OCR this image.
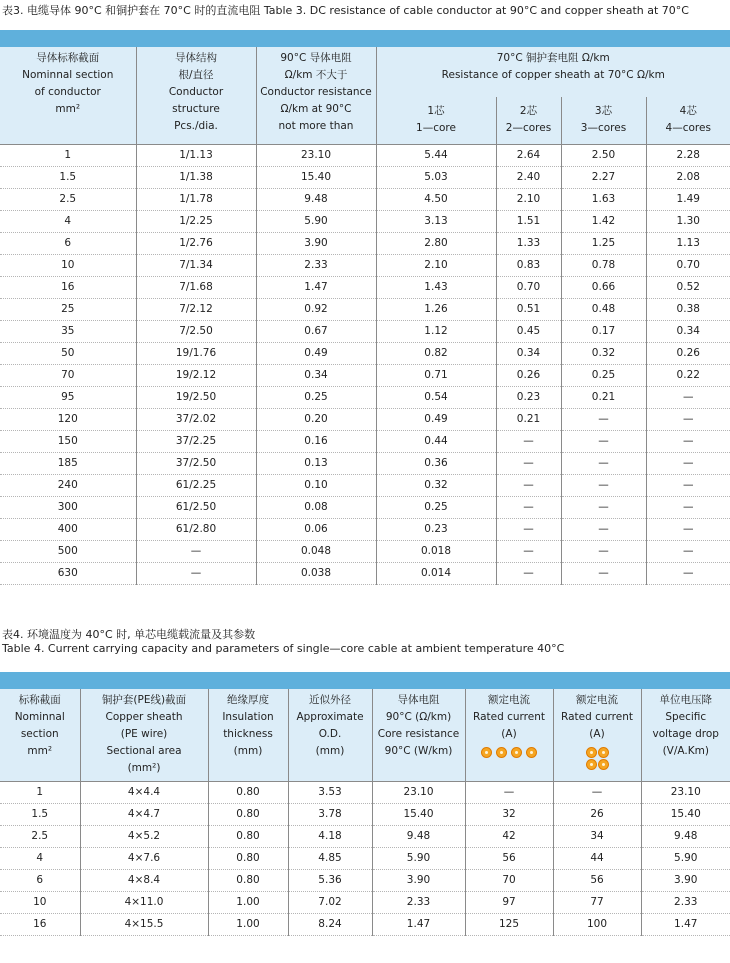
表3. 电缆导体 90°C 和铜护套在 70°C 时的直流电阻 Table 3. DC resistance of cable conductor at 90°C and copper sheath at 70°C
导体标称截面
Nominnal section
of conductor
mm²	导体结构
根/直径
Conductor
structure
Pcs./dia.	90°C 导体电阻
Ω/km 不大于
Conductor resistance
Ω/km at 90°C
not more than	70°C 铜护套电阻 Ω/km
Resistance of copper sheath at 70°C Ω/km			

			1芯
1—core	2芯
2—cores	3芯
3—cores	4芯
4—cores

1	1/1.13	23.10	5.44	2.64	2.50	2.28
1.5	1/1.38	15.40	5.03	2.40	2.27	2.08
2.5	1/1.78	9.48	4.50	2.10	1.63	1.49
4	1/2.25	5.90	3.13	1.51	1.42	1.30
6	1/2.76	3.90	2.80	1.33	1.25	1.13
10	7/1.34	2.33	2.10	0.83	0.78	0.70
16	7/1.68	1.47	1.43	0.70	0.66	0.52
25	7/2.12	0.92	1.26	0.51	0.48	0.38
35	7/2.50	0.67	1.12	0.45	0.17	0.34
50	19/1.76	0.49	0.82	0.34	0.32	0.26
70	19/2.12	0.34	0.71	0.26	0.25	0.22
95	19/2.50	0.25	0.54	0.23	0.21	—
120	37/2.02	0.20	0.49	0.21	—	—
150	37/2.25	0.16	0.44	—	—	—
185	37/2.50	0.13	0.36	—	—	—
240	61/2.25	0.10	0.32	—	—	—
300	61/2.50	0.08	0.25	—	—	—
400	61/2.80	0.06	0.23	—	—	—
500	—	0.048	0.018	—	—	—
630	—	0.038	0.014	—	—	—
表4. 环境温度为 40°C 时, 单芯电缆载流量及其参数
Table 4. Current carrying capacity and parameters of single—core cable at ambient temperature 40°C
标称截面
Nominnal
section
mm²	铜护套(PE线)截面
Copper sheath
(PE wire)
Sectional area
(mm²)	绝缘厚度
Insulation
thickness
(mm)	近似外径
Approximate
O.D.
(mm)	导体电阻
90°C (Ω/km)
Core resistance
90°C (W/km)	额定电流
Rated current
(A)	额定电流
Rated current
(A)	单位电压降
Specific
voltage drop
(V/A.Km)

1	4×4.4	0.80	3.53	23.10	—	—	23.10
1.5	4×4.7	0.80	3.78	15.40	32	26	15.40
2.5	4×5.2	0.80	4.18	9.48	42	34	9.48
4	4×7.6	0.80	4.85	5.90	56	44	5.90
6	4×8.4	0.80	5.36	3.90	70	56	3.90
10	4×11.0	1.00	7.02	2.33	97	77	2.33
16	4×15.5	1.00	8.24	1.47	125	100	1.47
